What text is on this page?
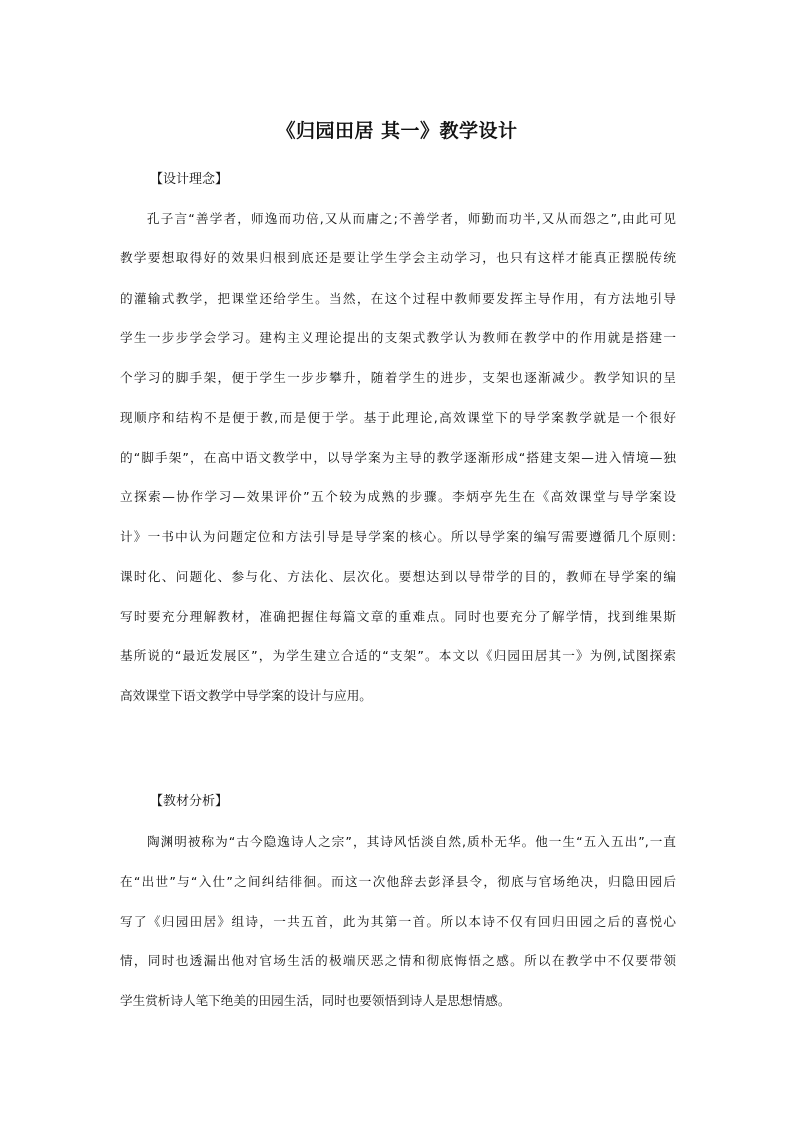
《归园田居 其一》教学设计
【设计理念】
孔子言“善学者，师逸而功倍,又从而庸之;不善学者，师勤而功半,又从而怨之”,由此可见
教学要想取得好的效果归根到底还是要让学生学会主动学习，也只有这样才能真正摆脱传统
的灌输式教学，把课堂还给学生。当然，在这个过程中教师要发挥主导作用，有方法地引导
学生一步步学会学习。建构主义理论提出的支架式教学认为教师在教学中的作用就是搭建一
个学习的脚手架，便于学生一步步攀升，随着学生的进步，支架也逐渐减少。教学知识的呈
现顺序和结构不是便于教,而是便于学。基于此理论,高效课堂下的导学案教学就是一个很好
的“脚手架”，在高中语文教学中，以导学案为主导的教学逐渐形成“搭建支架—进入情境—独
立探索—协作学习—效果评价”五个较为成熟的步骤。李炳亭先生在《高效课堂与导学案设
计》一书中认为问题定位和方法引导是导学案的核心。所以导学案的编写需要遵循几个原则:
课时化、问题化、参与化、方法化、层次化。要想达到以导带学的目的，教师在导学案的编
写时要充分理解教材，准确把握住每篇文章的重难点。同时也要充分了解学情，找到维果斯
基所说的“最近发展区”，为学生建立合适的“支架”。本文以《归园田居其一》为例,试图探索
高效课堂下语文教学中导学案的设计与应用。
【教材分析】
陶渊明被称为“古今隐逸诗人之宗”，其诗风恬淡自然,质朴无华。他一生“五入五出”,一直
在“出世”与“入仕”之间纠结徘徊。而这一次他辞去彭泽县令，彻底与官场绝决，归隐田园后
写了《归园田居》组诗，一共五首，此为其第一首。所以本诗不仅有回归田园之后的喜悦心
情，同时也透漏出他对官场生活的极端厌恶之情和彻底悔悟之感。所以在教学中不仅要带领
学生赏析诗人笔下绝美的田园生活，同时也要领悟到诗人是思想情感。
